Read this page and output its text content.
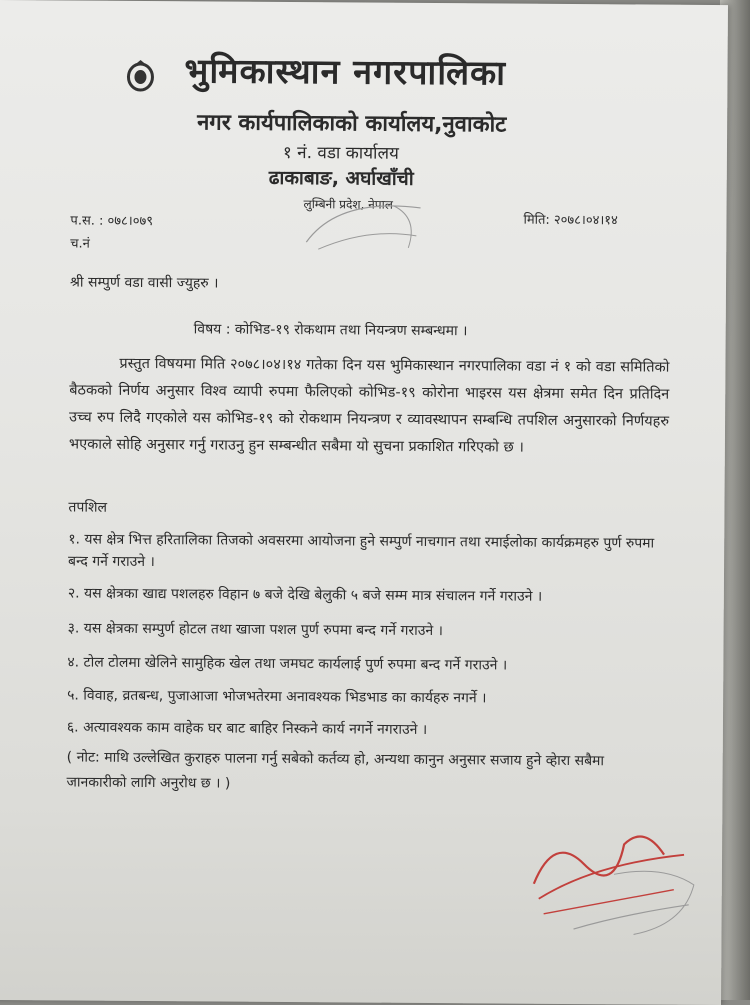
भुमिकास्थान नगरपालिका
नगर कार्यपालिकाको कार्यालय,नुवाकोट
१ नं. वडा कार्यालय
ढाकाबाङ, अर्घाखाँची
लुम्बिनी प्रदेश, नेपाल
प.स. : ०७८।०७९
च.नं
मिति: २०७८।०४।१४
श्री सम्पुर्ण वडा वासी ज्युहरु ।
विषय : कोभिड-१९ रोकथाम तथा नियन्त्रण सम्बन्धमा ।
प्रस्तुत विषयमा मिति २०७८।०४।१४ गतेका दिन यस भुमिकास्थान नगरपालिका वडा नं १ को वडा समितिको बैठकको निर्णय अनुसार विश्व व्यापी रुपमा फैलिएको कोभिड-१९ कोरोना भाइरस यस क्षेत्रमा समेत दिन प्रतिदिन उच्च रुप लिदै गएकोले यस कोभिड-१९ को रोकथाम नियन्त्रण र व्यावस्थापन सम्बन्धि तपशिल अनुसारको निर्णयहरु भएकाले सोहि अनुसार गर्नु गराउनु हुन सम्बन्धीत सबैमा यो सुचना प्रकाशित गरिएको छ ।
तपशिल
१. यस क्षेत्र भित्त हरितालिका तिजको अवसरमा आयोजना हुने सम्पुर्ण नाचगान तथा रमाईलोका कार्यक्रमहरु पुर्ण रुपमा बन्द गर्ने गराउने ।
२. यस क्षेत्रका खाद्य पशलहरु विहान ७ बजे देखि बेलुकी ५ बजे सम्म मात्र संचालन गर्ने गराउने ।
३. यस क्षेत्रका सम्पुर्ण होटल तथा खाजा पशल पुर्ण रुपमा बन्द गर्ने गराउने ।
४. टोल टोलमा खेलिने सामुहिक खेल तथा जमघट कार्यलाई पुर्ण रुपमा बन्द गर्ने गराउने ।
५. विवाह, व्रतबन्ध, पुजाआजा भोजभतेरमा अनावश्यक भिडभाड का कार्यहरु नगर्ने ।
६. अत्यावश्यक काम वाहेक घर बाट बाहिर निस्कने कार्य नगर्ने नगराउने ।
( नोट: माथि उल्लेखित कुराहरु पालना गर्नु सबेको कर्तव्य हो, अन्यथा कानुन अनुसार सजाय हुने व्हेारा सबैमा जानकारीको लागि अनुरोध छ । )
